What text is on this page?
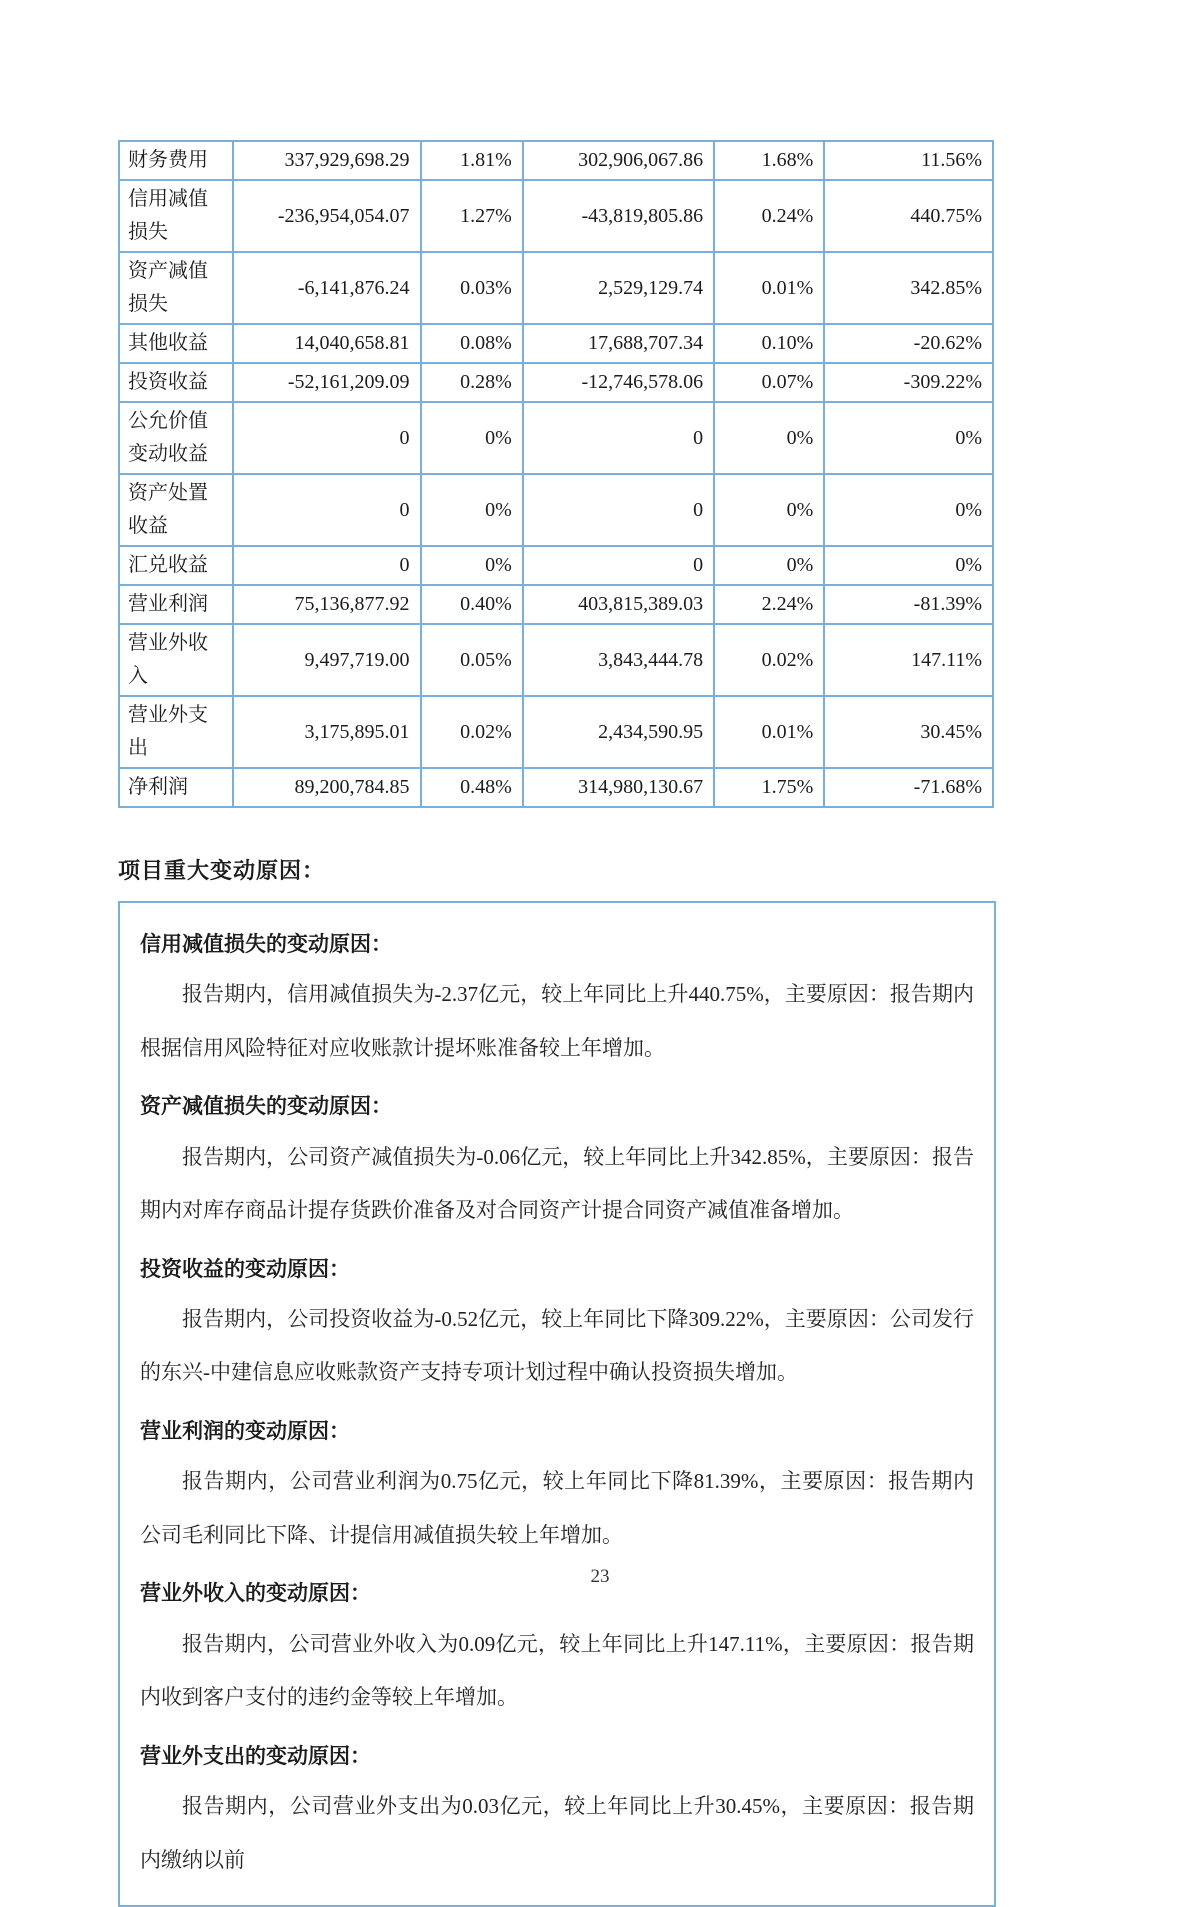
财务费用	337,929,698.29	1.81%	302,906,067.86	1.68%	11.56%
信用减值损失	-236,954,054.07	1.27%	-43,819,805.86	0.24%	440.75%
资产减值损失	-6,141,876.24	0.03%	2,529,129.74	0.01%	342.85%
其他收益	14,040,658.81	0.08%	17,688,707.34	0.10%	-20.62%
投资收益	-52,161,209.09	0.28%	-12,746,578.06	0.07%	-309.22%
公允价值变动收益	0	0%	0	0%	0%
资产处置收益	0	0%	0	0%	0%
汇兑收益	0	0%	0	0%	0%
营业利润	75,136,877.92	0.40%	403,815,389.03	2.24%	-81.39%
营业外收入	9,497,719.00	0.05%	3,843,444.78	0.02%	147.11%
营业外支出	3,175,895.01	0.02%	2,434,590.95	0.01%	30.45%
净利润	89,200,784.85	0.48%	314,980,130.67	1.75%	-71.68%
项目重大变动原因：
信用减值损失的变动原因：

报告期内，信用减值损失为-2.37亿元，较上年同比上升440.75%，主要原因：报告期内根据信用风险特征对应收账款计提坏账准备较上年增加。

资产减值损失的变动原因：

报告期内，公司资产减值损失为-0.06亿元，较上年同比上升342.85%，主要原因：报告期内对库存商品计提存货跌价准备及对合同资产计提合同资产减值准备增加。

投资收益的变动原因：

报告期内，公司投资收益为-0.52亿元，较上年同比下降309.22%，主要原因：公司发行的东兴-中建信息应收账款资产支持专项计划过程中确认投资损失增加。

营业利润的变动原因：

报告期内，公司营业利润为0.75亿元，较上年同比下降81.39%，主要原因：报告期内公司毛利同比下降、计提信用减值损失较上年增加。

营业外收入的变动原因：

报告期内，公司营业外收入为0.09亿元，较上年同比上升147.11%，主要原因：报告期内收到客户支付的违约金等较上年增加。

营业外支出的变动原因：

报告期内，公司营业外支出为0.03亿元，较上年同比上升30.45%，主要原因：报告期内缴纳以前

23
